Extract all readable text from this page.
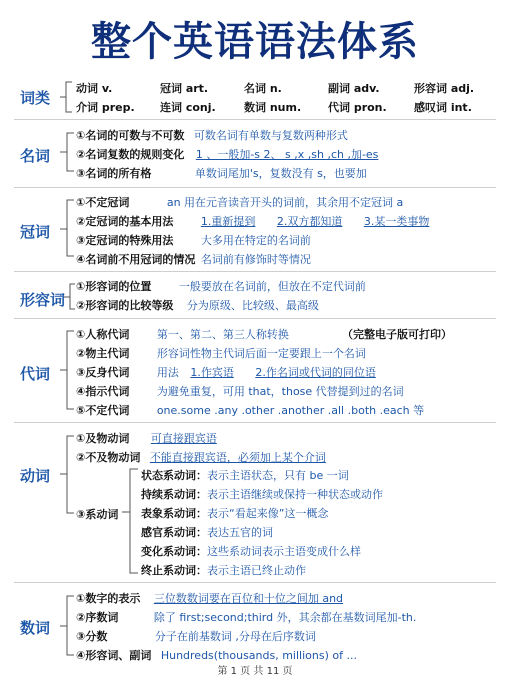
整个英语语法体系
词类
动词 v.	冠词 art.	名词 n.	副词 adv.	形容词 adj.
介词 prep. 连词 conj.	数词 num. 代词 pron. 感叹词 int.
名词
①名词的可数与不可数 可数名词有单数与复数两种形式
②名词复数的规则变化 1 、一般加-s 2、 s ,x ,sh ,ch ,加-es
③名词的所有格	单数词尾加's，复数没有 s，也要加
冠词
①不定冠词	an 用在元音读音开头的词前，其余用不定冠词 a
②定冠词的基本用法	1.重新提到 2.双方都知道 3.某一类事物
③定冠词的特殊用法	大多用在特定的名词前
④名词前不用冠词的情况 名词前有修饰时等情况
形容词
①形容词的位置	一般要放在名词前，但放在不定代词前
②形容词的比较等级 分为原级、比较级、最高级
代词
①人称代词	第一、第二、第三人称转换	（完整电子版可打印）
②物主代词	形容词性物主代词后面一定要跟上一个名词
③反身代词	用法 1.作宾语 2.作名词或代词的同位语
④指示代词	为避免重复，可用 that，those 代替提到过的名词
⑤不定代词	one.some .any .other .another .all .both .each 等
动词
①及物动词 可直接跟宾语
②不及物动词 不能直接跟宾语，必须加上某个介词
③系动词
状态系动词：表示主语状态，只有 be 一词
持续系动词：表示主语继续或保持一种状态或动作
表象系动词：表示“看起来像”这一概念
感官系动词：表达五官的词
变化系动词：这些系动词表示主语变成什么样
终止系动词：表示主语已终止动作
数词
①数字的表示 三位数数词要在百位和十位之间加 and
②序数词	除了 first;second;third 外，其余都在基数词尾加-th.
③分数	分子在前基数词 ,分母在后序数词
④形容词、副词 Hundreds(thousands, millions) of ...
第 1 页 共 11 页
